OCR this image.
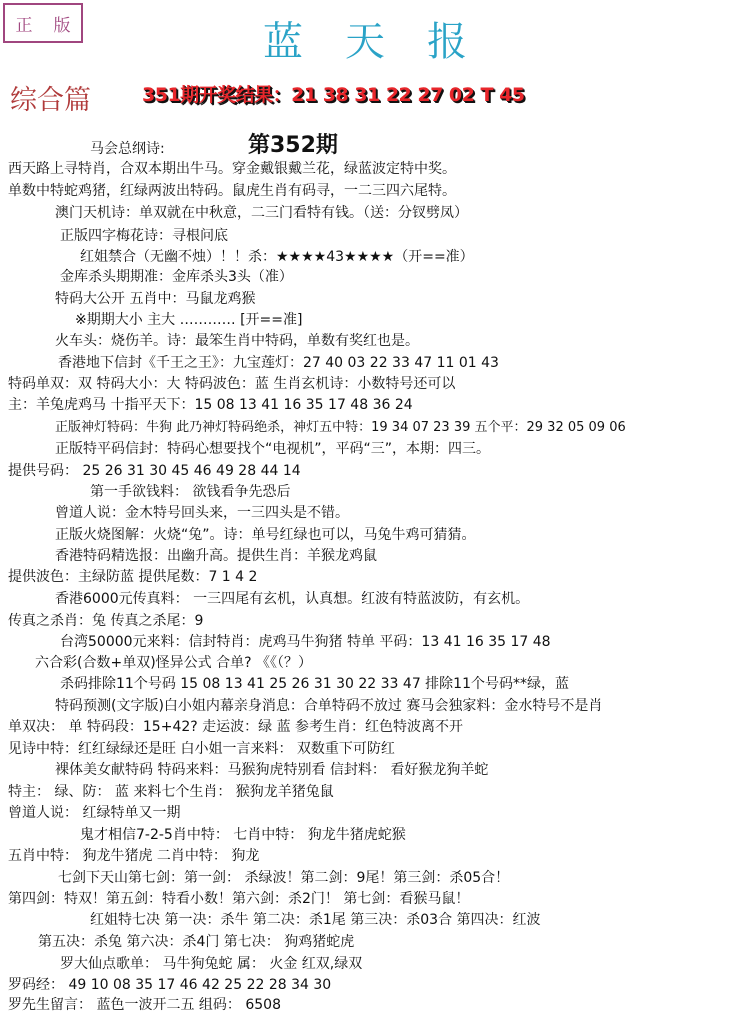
正 版	蓝天报
综合篇	351期开奖结果：21 38 31 22 27 02 T 45
第352期
马会总纲诗:
西天路上寻特肖，合双本期出牛马。穿金戴银戴兰花，绿蓝波定特中奖。
单数中特蛇鸡猪，红绿两波出特码。鼠虎生肖有码寻，一二三四六尾特。
澳门天机诗：单双就在中秋意，二三门看特有钱。（送：分钗劈凤）
正版四字梅花诗：寻根问底
红姐禁合（无幽不烛）！！杀：★★★★43★★★★（开==准）
金库杀头期期准：金库杀头3头（准）
特码大公开 五肖中：马鼠龙鸡猴
※期期大小 主大 ………… [开==准]
火车头：烧伤羊。诗：最笨生肖中特码，单数有奖红也是。
香港地下信封《千王之王》：九宝莲灯：27 40 03 22 33 47 11 01 43
特码单双：双 特码大小：大 特码波色：蓝 生肖玄机诗：小数特号还可以
主：羊兔虎鸡马 十指平天下：15 08 13 41 16 35 17 48 36 24
正版神灯特码：牛狗 此乃神灯特码绝杀，神灯五中特：19 34 07 23 39 五个平：29 32 05 09 06
正版特平码信封：特码心想要找个“电视机”，平码“三”，本期：四三。
提供号码： 25 26 31 30 45 46 49 28 44 14
第一手欲钱料： 欲钱看争先恐后
曾道人说：金木特号回头来，一三四头是不错。
正版火烧图解：火烧“兔”。诗：单号红绿也可以，马兔牛鸡可猜猜。
香港特码精选报：出幽升高。提供生肖：羊猴龙鸡鼠
提供波色：主绿防蓝 提供尾数：7 1 4 2
香港6000元传真料： 一三四尾有玄机，认真想。红波有特蓝波防，有玄机。
传真之杀肖：兔 传真之杀尾：9
台湾50000元来料：信封特肖：虎鸡马牛狗猪 特单 平码：13 41 16 35 17 48
六合彩(合数+单双)怪异公式 合单? 《《（？）
杀码排除11个号码 15 08 13 41 25 26 31 30 22 33 47 排除11个号码**绿，蓝
特码预测(文字版)白小姐内幕亲身消息：合单特码不放过 赛马会独家料：金水特号不是肖
单双决： 单 特码段：15+42? 走运波：绿 蓝 参考生肖：红色特波离不开
见诗中特：红红绿绿还是旺 白小姐一言来料： 双数重下可防红
裸体美女献特码 特码来料：马猴狗虎特别看 信封料： 看好猴龙狗羊蛇
特主： 绿、防： 蓝 来料七个生肖： 猴狗龙羊猪兔鼠
曾道人说： 红绿特单又一期
鬼才相信7-2-5肖中特： 七肖中特： 狗龙牛猪虎蛇猴
五肖中特： 狗龙牛猪虎 二肖中特： 狗龙
七剑下天山第七剑：第一剑： 杀绿波！第二剑：9尾！第三剑：杀05合！
第四剑：特双！第五剑：特看小数！第六剑：杀2门！ 第七剑：看猴马鼠！
红姐特七决 第一决：杀牛 第二决：杀1尾 第三决：杀03合 第四决：红波
第五决：杀兔 第六决：杀4门 第七决： 狗鸡猪蛇虎
罗大仙点歌单： 马牛狗兔蛇 属： 火金 红双,绿双
罗码经： 49 10 08 35 17 46 42 25 22 28 34 30
罗先生留言： 蓝色一波开二五 组码： 6508
